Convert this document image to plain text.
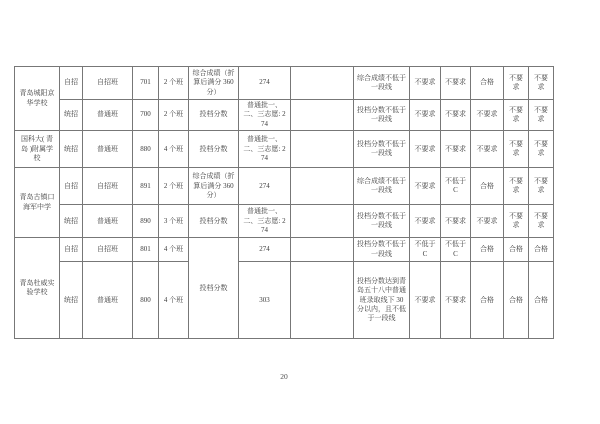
青岛城阳京华学校	自招	自招班	701	2 个班	综合成绩（折算后满分 360 分）	274		综合成绩不低于一段线	不要求	不要求	合格	不要求	不要求
	统招	普通班	700	2 个班	投档分数	普通批一、二、三志愿: 274		投档分数不低于一段线	不要求	不要求	不要求	不要求	不要求
国科大( 青岛 )附属学校	统招	普通班	880	4 个班	投档分数	普通批一、二、三志愿: 274		投档分数不低于一段线	不要求	不要求	不要求	不要求	不要求
青岛古镇口海军中学	自招	自招班	891	2 个班	综合成绩（折算后满分 360 分）	274		综合成绩不低于一段线	不要求	不低于C	合格	不要求	不要求
	统招	普通班	890	3 个班	投档分数	普通批一、二、三志愿: 274		投档分数不低于一段线	不要求	不要求	不要求	不要求	不要求
青岛杜威实验学校	自招	自招班	801	4 个班	投档分数	274		投档分数不低于一段线	不低于C	不低于C	合格	合格	合格
	统招	普通班	800	4 个班		303		投档分数达到青岛五十八中普通班录取线下 30 分以内，且不低于一段线	不要求	不要求	合格	合格	合格
20
